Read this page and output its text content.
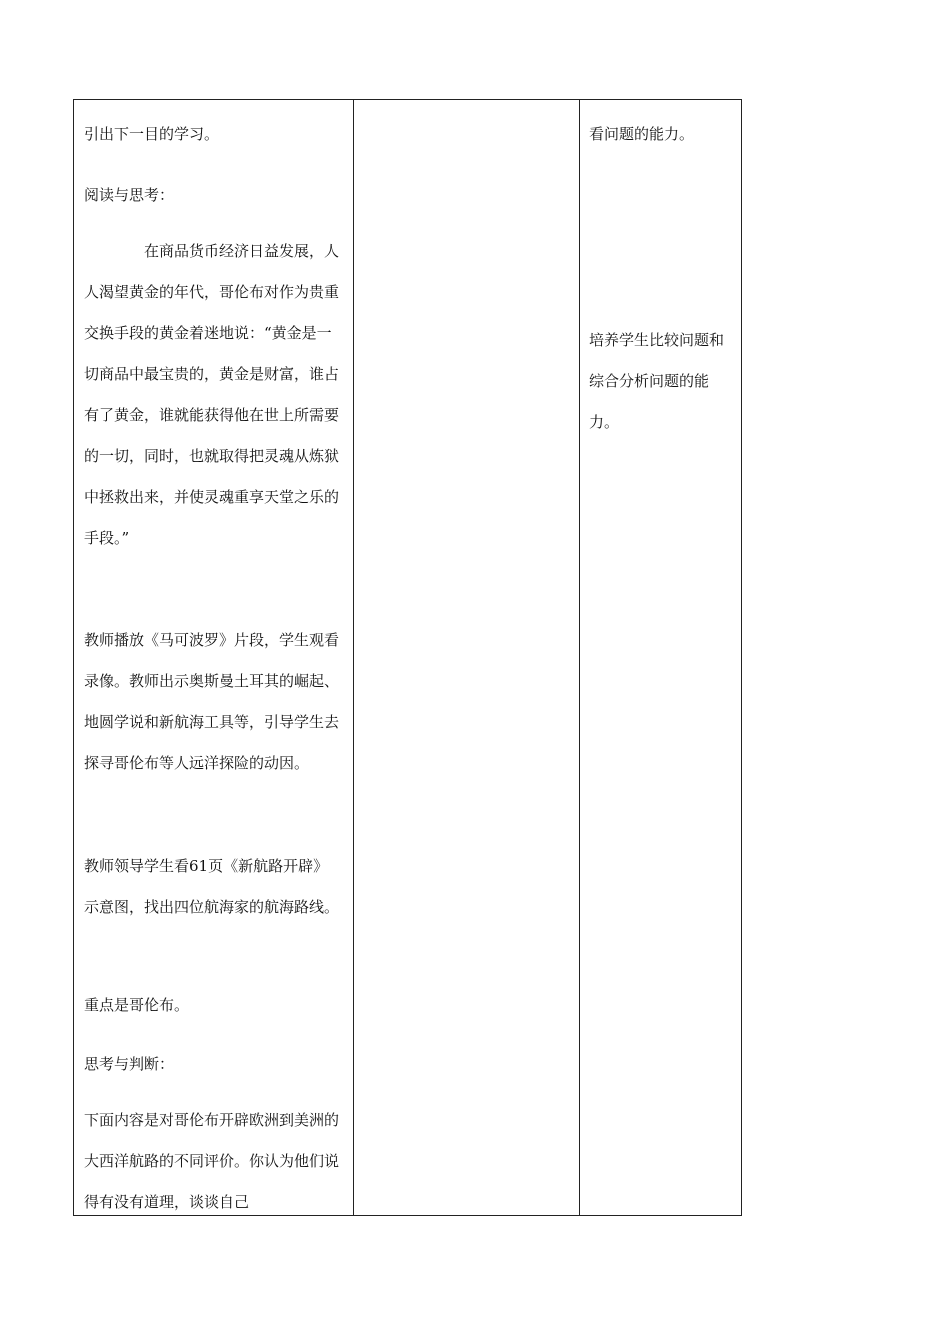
引出下一目的学习。

阅读与思考：

在商品货币经济日益发展，人人渴望黄金的年代，哥伦布对作为贵重交换手段的黄金着迷地说：“黄金是一切商品中最宝贵的，黄金是财富，谁占有了黄金，谁就能获得他在世上所需要的一切，同时，也就取得把灵魂从炼狱中拯救出来，并使灵魂重享天堂之乐的手段。”

教师播放《马可波罗》片段，学生观看录像。教师出示奥斯曼土耳其的崛起、地圆学说和新航海工具等，引导学生去探寻哥伦布等人远洋探险的动因。

教师领导学生看61页《新航路开辟》示意图，找出四位航海家的航海路线。

重点是哥伦布。

思考与判断：

下面内容是对哥伦布开辟欧洲到美洲的大西洋航路的不同评价。你认为他们说得有没有道理，谈谈自己

看问题的能力。

培养学生比较问题和综合分析问题的能力。
